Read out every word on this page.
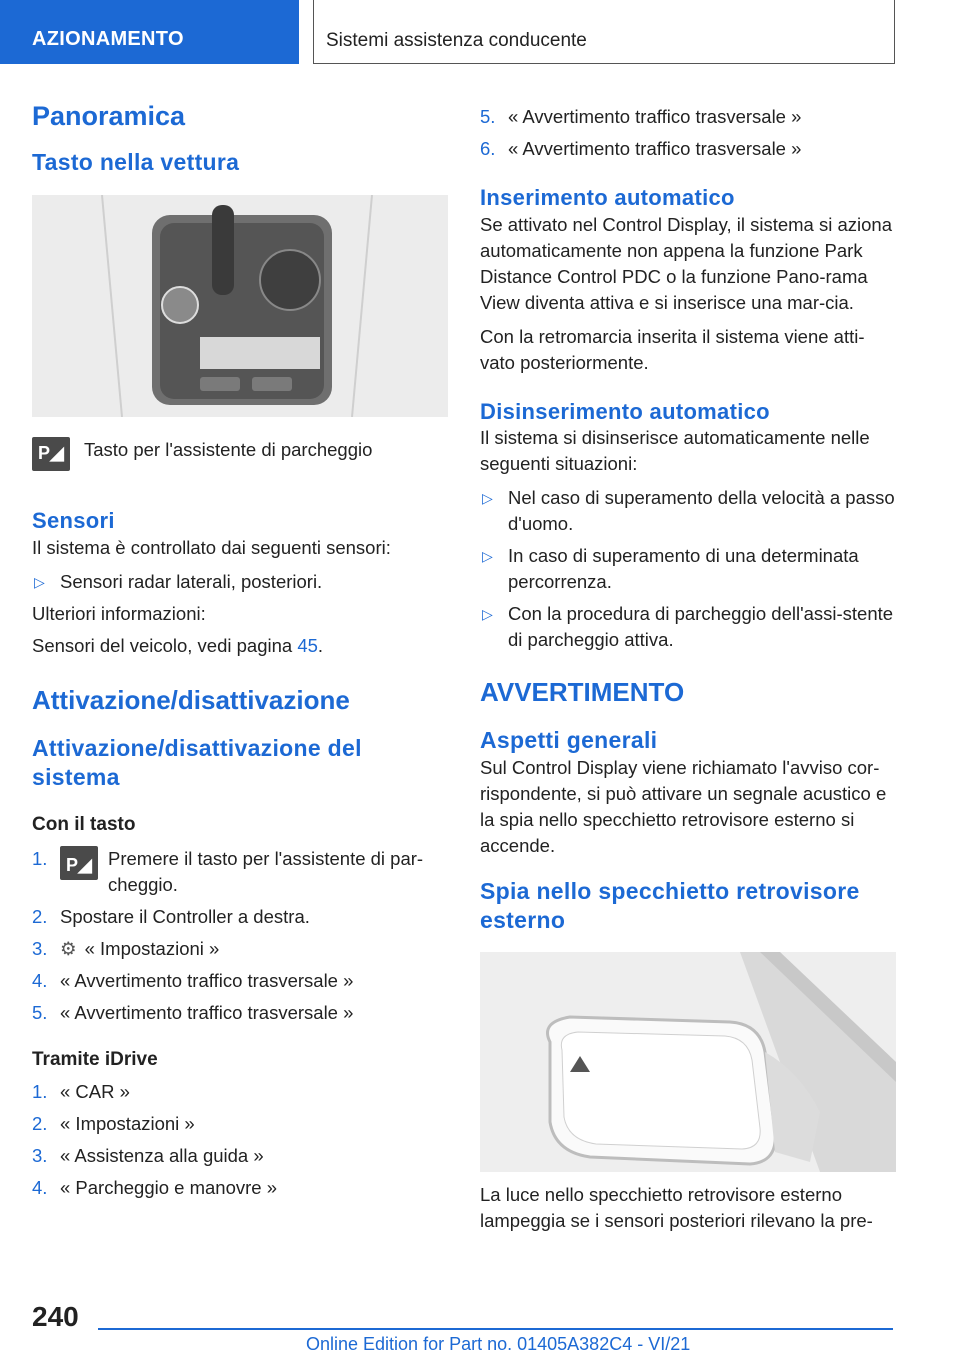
AZIONAMENTO	Sistemi assistenza conducente
Panoramica
Tasto nella vettura
P◢ Tasto per l'assistente di parcheggio

Sensori

Il sistema è controllato dai seguenti sensori:

▷ Sensori radar laterali, posteriori.

Ulteriori informazioni:

Sensori del veicolo, vedi pagina 45.

Attivazione/disattivazione
Attivazione/disattivazione del sistema
Con il tasto
1. P◢ Premere il tasto per l'assistente di par-cheggio.
2. Spostare il Controller a destra.
3. ⚙ « Impostazioni »
4. « Avvertimento traffico trasversale »
5. « Avvertimento traffico trasversale »
Tramite iDrive
1. « CAR »
2. « Impostazioni »
3. « Assistenza alla guida »
4. « Parcheggio e manovre »
5. « Avvertimento traffico trasversale »
6. « Avvertimento traffico trasversale »
Inserimento automatico

Se attivato nel Control Display, il sistema si aziona automaticamente non appena la funzione Park Distance Control PDC o la funzione Pano-rama View diventa attiva e si inserisce una mar-cia.

Con la retromarcia inserita il sistema viene atti-vato posteriormente.

Disinserimento automatico

Il sistema si disinserisce automaticamente nelle seguenti situazioni:

▷ Nel caso di superamento della velocità a passo d'uomo.
▷ In caso di superamento di una determinata percorrenza.
▷ Con la procedura di parcheggio dell'assi-stente di parcheggio attiva.
AVVERTIMENTO
Aspetti generali

Sul Control Display viene richiamato l'avviso cor-rispondente, si può attivare un segnale acustico e la spia nello specchietto retrovisore esterno si accende.

Spia nello specchietto retrovisore esterno

La luce nello specchietto retrovisore esterno lampeggia se i sensori posteriori rilevano la pre-

240
Online Edition for Part no. 01405A382C4 - VI/21
